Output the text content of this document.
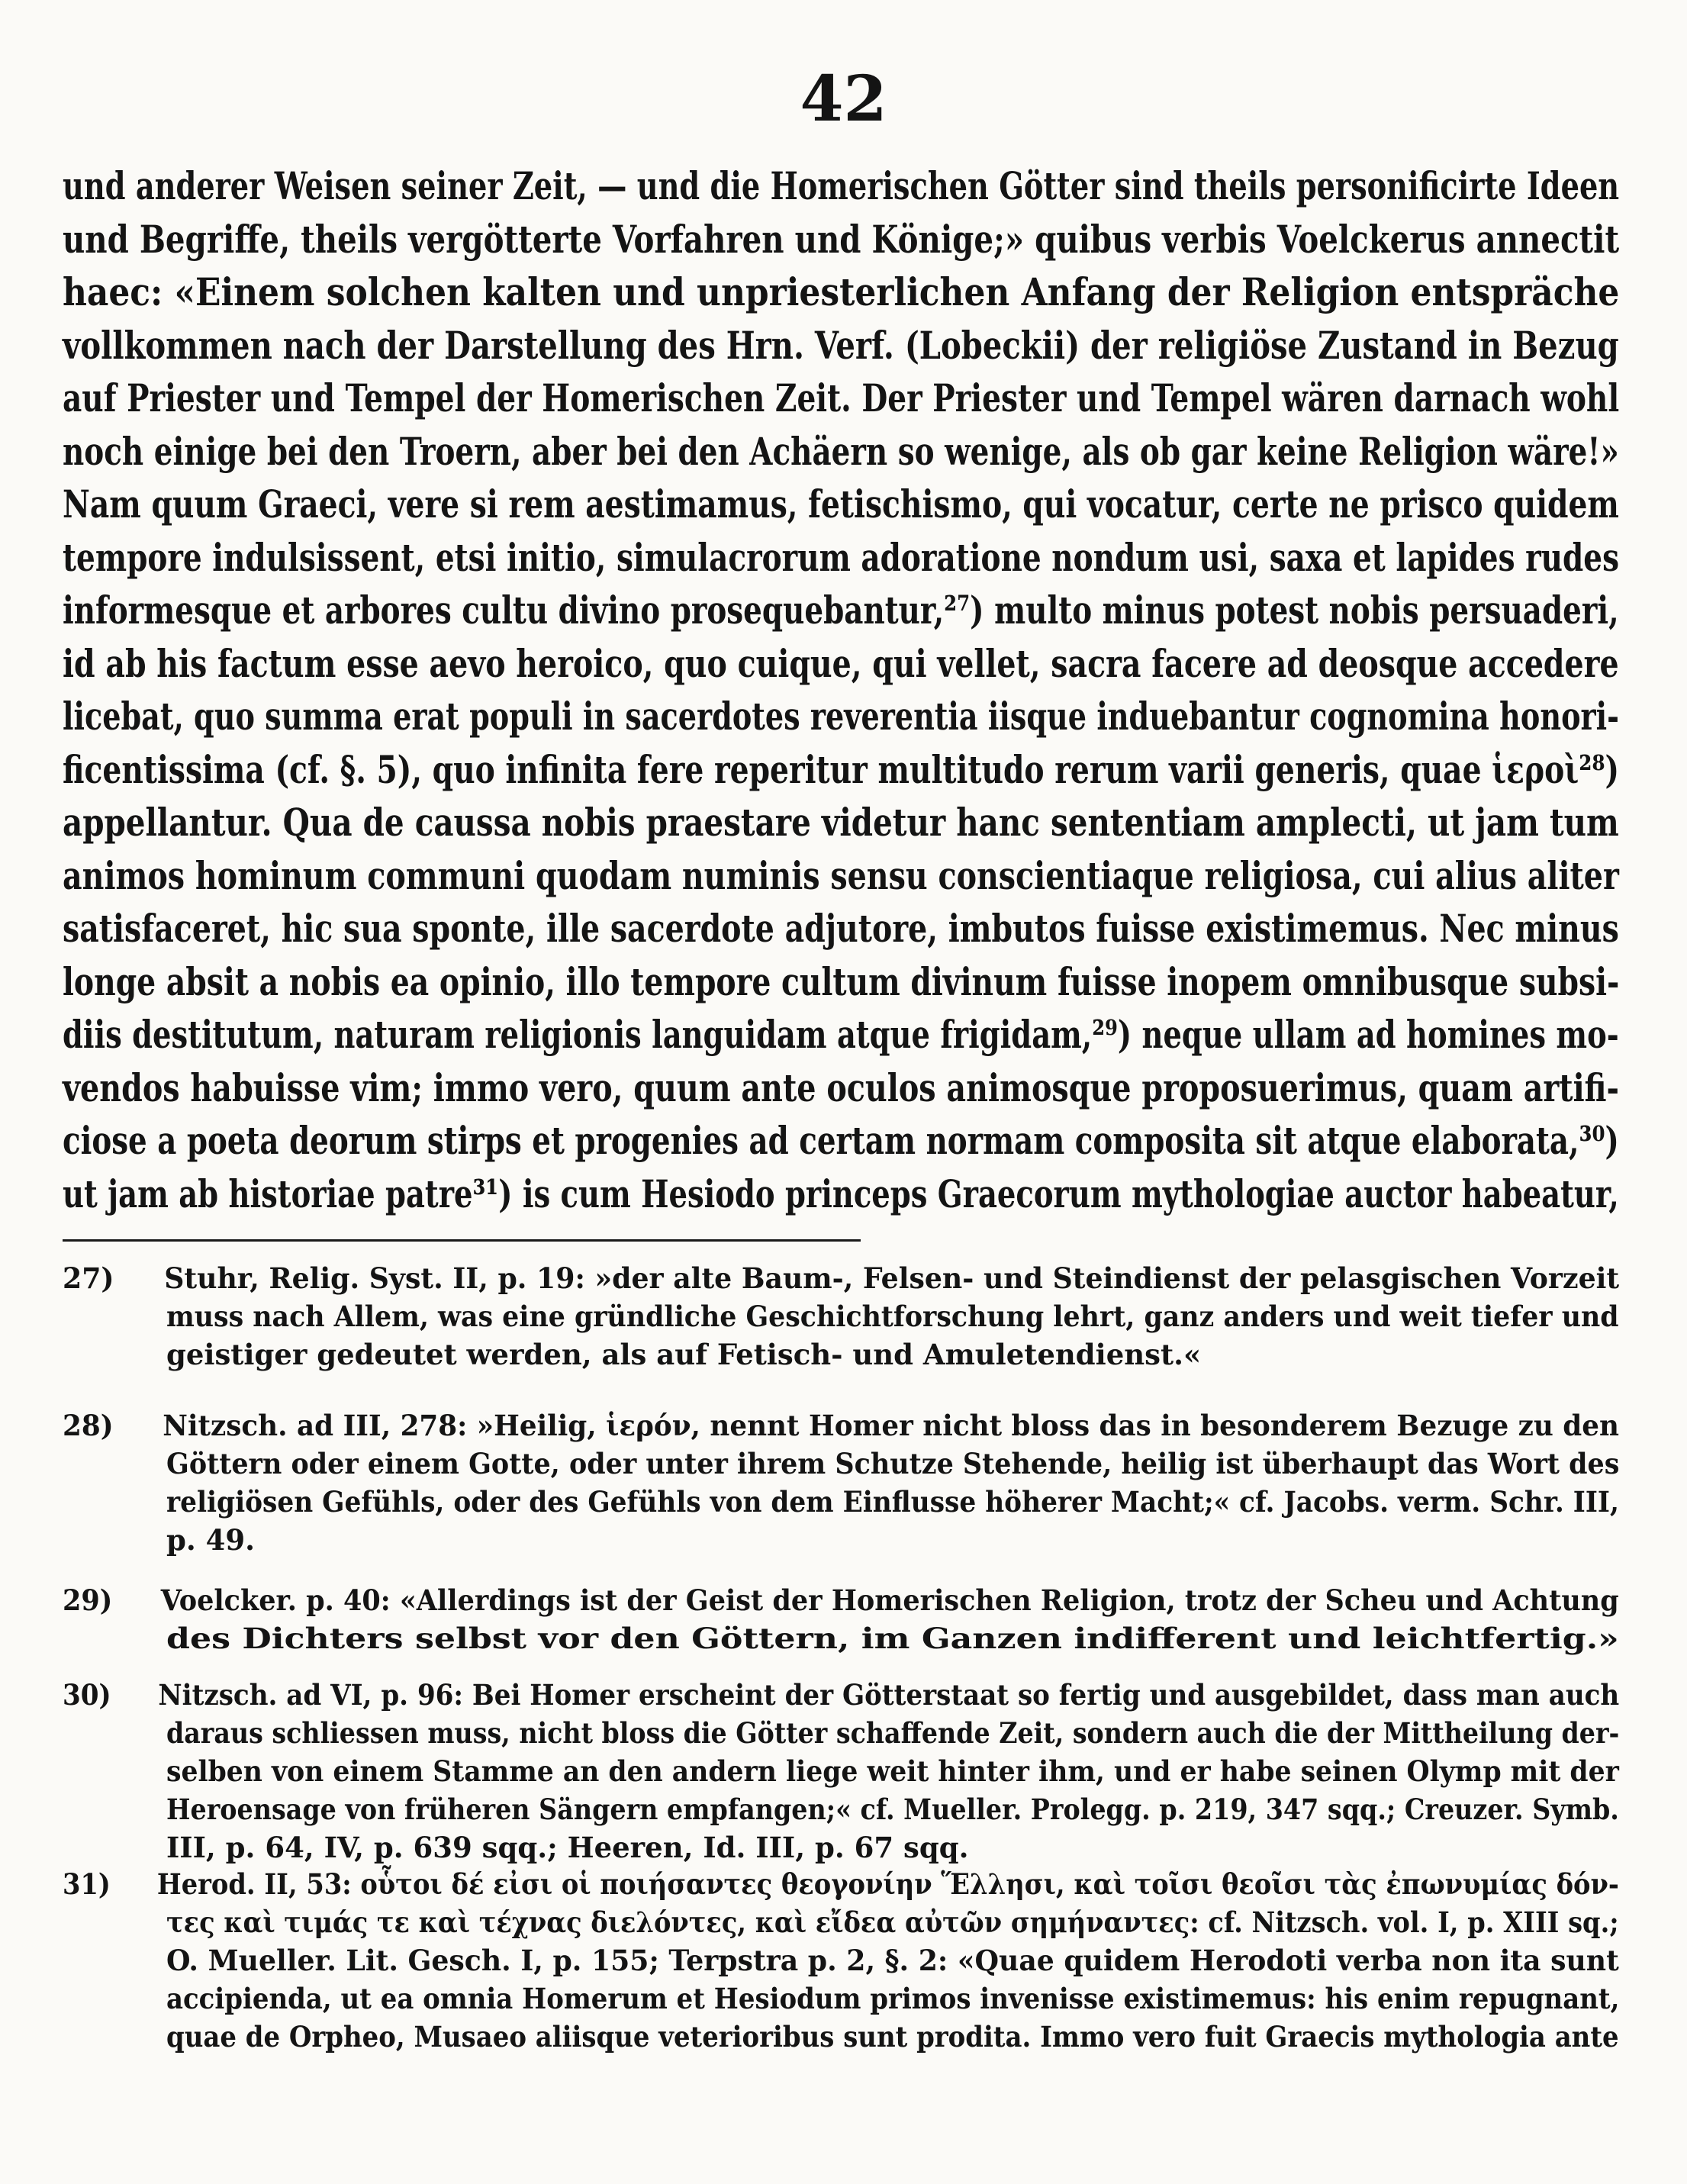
42
und anderer Weisen seiner Zeit, — und die Homerischen Götter sind theils personificirte Ideen
und Begriffe, theils vergötterte Vorfahren und Könige;» quibus verbis Voelckerus annectit
haec: «Einem solchen kalten und unpriesterlichen Anfang der Religion entspräche
vollkommen nach der Darstellung des Hrn. Verf. (Lobeckii) der religiöse Zustand in Bezug
auf Priester und Tempel der Homerischen Zeit. Der Priester und Tempel wären darnach wohl
noch einige bei den Troern, aber bei den Achäern so wenige, als ob gar keine Religion wäre!»
Nam quum Graeci, vere si rem aestimamus, fetischismo, qui vocatur, certe ne prisco quidem
tempore indulsissent, etsi initio, simulacrorum adoratione nondum usi, saxa et lapides rudes
informesque et arbores cultu divino prosequebantur,²⁷) multo minus potest nobis persuaderi,
id ab his factum esse aevo heroico, quo cuique, qui vellet, sacra facere ad deosque accedere
licebat, quo summa erat populi in sacerdotes reverentia iisque induebantur cognomina honori-
ficentissima (cf. §. 5), quo infinita fere reperitur multitudo rerum varii generis, quae ἱεροὶ²⁸)
appellantur. Qua de caussa nobis praestare videtur hanc sententiam amplecti, ut jam tum
animos hominum communi quodam numinis sensu conscientiaque religiosa, cui alius aliter
satisfaceret, hic sua sponte, ille sacerdote adjutore, imbutos fuisse existimemus. Nec minus
longe absit a nobis ea opinio, illo tempore cultum divinum fuisse inopem omnibusque subsi-
diis destitutum, naturam religionis languidam atque frigidam,²⁹) neque ullam ad homines mo-
vendos habuisse vim; immo vero, quum ante oculos animosque proposuerimus, quam artifi-
ciose a poeta deorum stirps et progenies ad certam normam composita sit atque elaborata,³⁰)
ut jam ab historiae patre³¹) is cum Hesiodo princeps Graecorum mythologiae auctor habeatur,
27) Stuhr, Relig. Syst. II, p. 19: »der alte Baum-, Felsen- und Steindienst der pelasgischen Vorzeit
muss nach Allem, was eine gründliche Geschichtforschung lehrt, ganz anders und weit tiefer und
geistiger gedeutet werden, als auf Fetisch- und Amuletendienst.«
28) Nitzsch. ad III, 278: »Heilig, ἱερόν, nennt Homer nicht bloss das in besonderem Bezuge zu den
Göttern oder einem Gotte, oder unter ihrem Schutze Stehende, heilig ist überhaupt das Wort des
religiösen Gefühls, oder des Gefühls von dem Einflusse höherer Macht;« cf. Jacobs. verm. Schr. III,
p. 49.
29) Voelcker. p. 40: «Allerdings ist der Geist der Homerischen Religion, trotz der Scheu und Achtung
des Dichters selbst vor den Göttern, im Ganzen indifferent und leichtfertig.»
30) Nitzsch. ad VI, p. 96: Bei Homer erscheint der Götterstaat so fertig und ausgebildet, dass man auch
daraus schliessen muss, nicht bloss die Götter schaffende Zeit, sondern auch die der Mittheilung der-
selben von einem Stamme an den andern liege weit hinter ihm, und er habe seinen Olymp mit der
Heroensage von früheren Sängern empfangen;« cf. Mueller. Prolegg. p. 219, 347 sqq.; Creuzer. Symb.
III, p. 64, IV, p. 639 sqq.; Heeren, Id. III, p. 67 sqq.
31) Herod. II, 53: οὗτοι δέ εἰσι οἱ ποιήσαντες θεογονίην Ἕλλησι, καὶ τοῖσι θεοῖσι τὰς ἐπωνυμίας δόν-
τες καὶ τιμάς τε καὶ τέχνας διελόντες, καὶ εἴδεα αὐτῶν σημήναντες: cf. Nitzsch. vol. I, p. XIII sq.;
O. Mueller. Lit. Gesch. I, p. 155; Terpstra p. 2, §. 2: «Quae quidem Herodoti verba non ita sunt
accipienda, ut ea omnia Homerum et Hesiodum primos invenisse existimemus: his enim repugnant,
quae de Orpheo, Musaeo aliisque veterioribus sunt prodita. Immo vero fuit Graecis mythologia ante
